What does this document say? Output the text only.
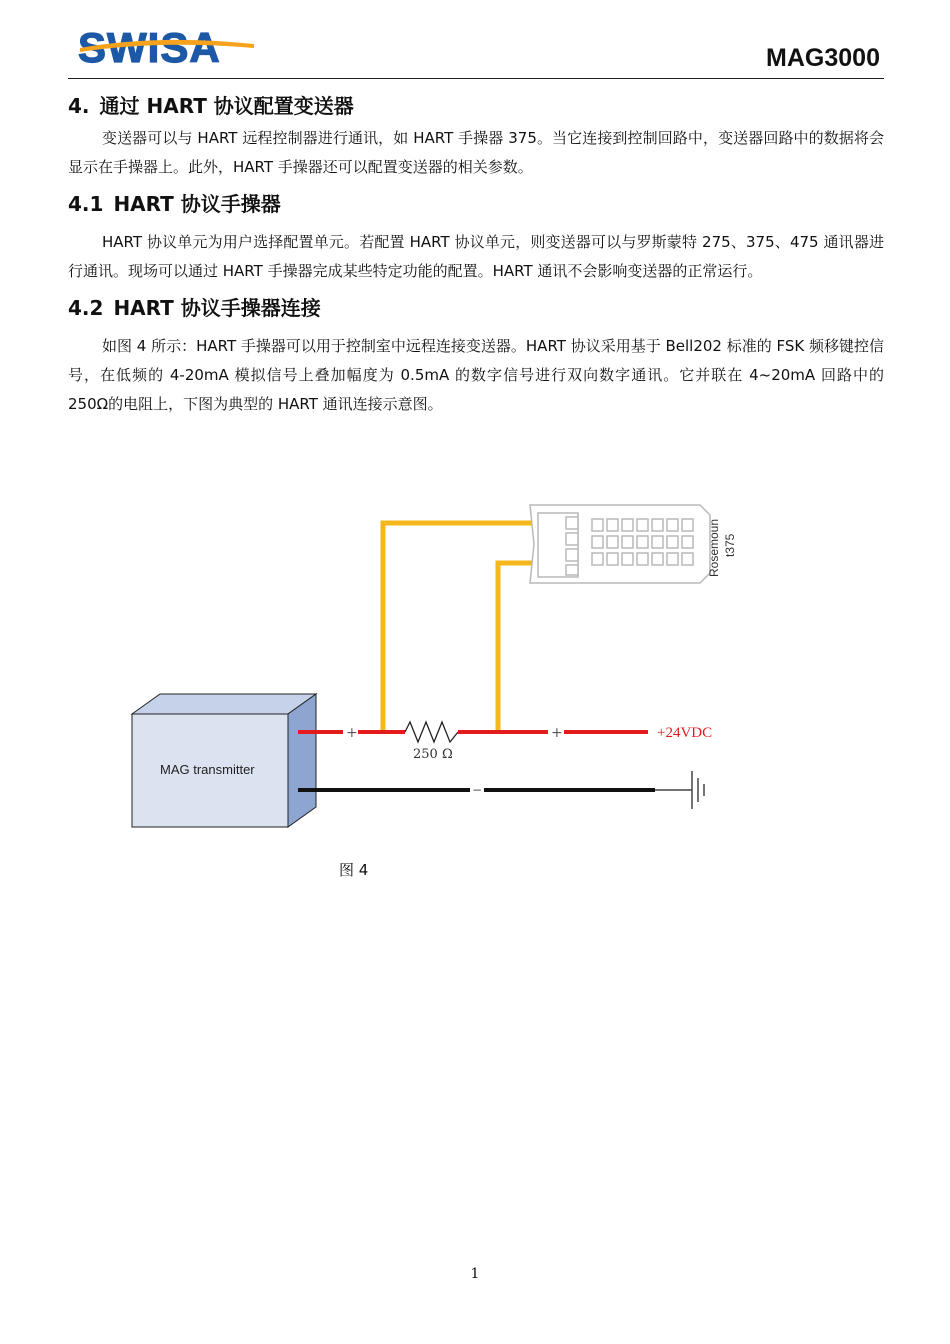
SWISA	MAG3000
4. 通过 HART 协议配置变送器

变送器可以与 HART 远程控制器进行通讯，如 HART 手操器 375。当它连接到控制回路中，变送器回路中的数据将会显示在手操器上。此外，HART 手操器还可以配置变送器的相关参数。

4.1 HART 协议手操器

HART 协议单元为用户选择配置单元。若配置 HART 协议单元，则变送器可以与罗斯蒙特 275、375、475 通讯器进行通讯。现场可以通过 HART 手操器完成某些特定功能的配置。HART 通讯不会影响变送器的正常运行。

4.2 HART 协议手操器连接

如图 4 所示：HART 手操器可以用于控制室中远程连接变送器。HART 协议采用基于 Bell202 标准的 FSK 频移键控信号，在低频的 4-20mA 模拟信号上叠加幅度为 0.5mA 的数字信号进行双向数字通讯。它并联在 4~20mA 回路中的 250Ω的电阻上，下图为典型的 HART 通讯连接示意图。

Rosemoun t375
MAG transmitter
+	+
250 Ω
+24VDC
−
图 4
1
